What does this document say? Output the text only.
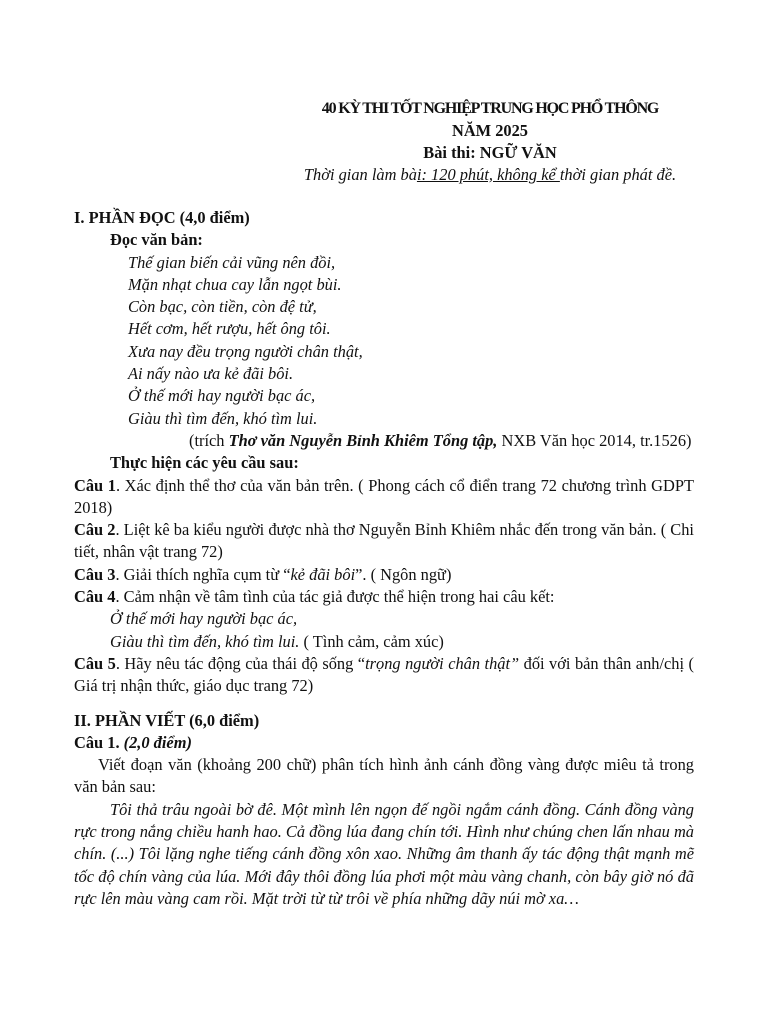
40 KỲ THI TỐT NGHIỆP TRUNG HỌC PHỔ THÔNG
NĂM 2025
Bài thi: NGỮ VĂN
Thời gian làm bài: 120 phút, không kể thời gian phát đề.
I. PHẦN ĐỌC (4,0 điểm)
Đọc văn bản:
Thế gian biến cải vũng nên đồi,
Mặn nhạt chua cay lẫn ngọt bùi.
Còn bạc, còn tiền, còn đệ tử,
Hết cơm, hết rượu, hết ông tôi.
Xưa nay đều trọng người chân thật,
Ai nấy nào ưa kẻ đãi bôi.
Ở thế mới hay người bạc ác,
Giàu thì tìm đến, khó tìm lui.
(trích Thơ văn Nguyễn Bỉnh Khiêm Tổng tập, NXB Văn học 2014, tr.1526)
Thực hiện các yêu cầu sau:
Câu 1. Xác định thể thơ của văn bản trên. ( Phong cách cổ điển trang 72 chương trình GDPT 2018)
Câu 2. Liệt kê ba kiểu người được nhà thơ Nguyễn Bỉnh Khiêm nhắc đến trong văn bản. ( Chi tiết, nhân vật trang 72)
Câu 3. Giải thích nghĩa cụm từ “kẻ đãi bôi”. ( Ngôn ngữ)
Câu 4. Cảm nhận về tâm tình của tác giả được thể hiện trong hai câu kết:
Ở thế mới hay người bạc ác,
Giàu thì tìm đến, khó tìm lui. ( Tình cảm, cảm xúc)
Câu 5. Hãy nêu tác động của thái độ sống “trọng người chân thật” đối với bản thân anh/chị ( Giá trị nhận thức, giáo dục trang 72)
II. PHẦN VIẾT (6,0 điểm)
Câu 1. (2,0 điểm)
Viết đoạn văn (khoảng 200 chữ) phân tích hình ảnh cánh đồng vàng được miêu tả trong văn bản sau:
Tôi thả trâu ngoài bờ đê. Một mình lên ngọn đế ngồi ngắm cánh đồng. Cánh đồng vàng rực trong nắng chiều hanh hao. Cả đồng lúa đang chín tới. Hình như chúng chen lấn nhau mà chín. (...) Tôi lặng nghe tiếng cánh đồng xôn xao. Những âm thanh ấy tác động thật mạnh mẽ tốc độ chín vàng của lúa. Mới đây thôi đồng lúa phơi một màu vàng chanh, còn bây giờ nó đã rực lên màu vàng cam rồi. Mặt trời từ từ trôi về phía những dãy núi mờ xa…
